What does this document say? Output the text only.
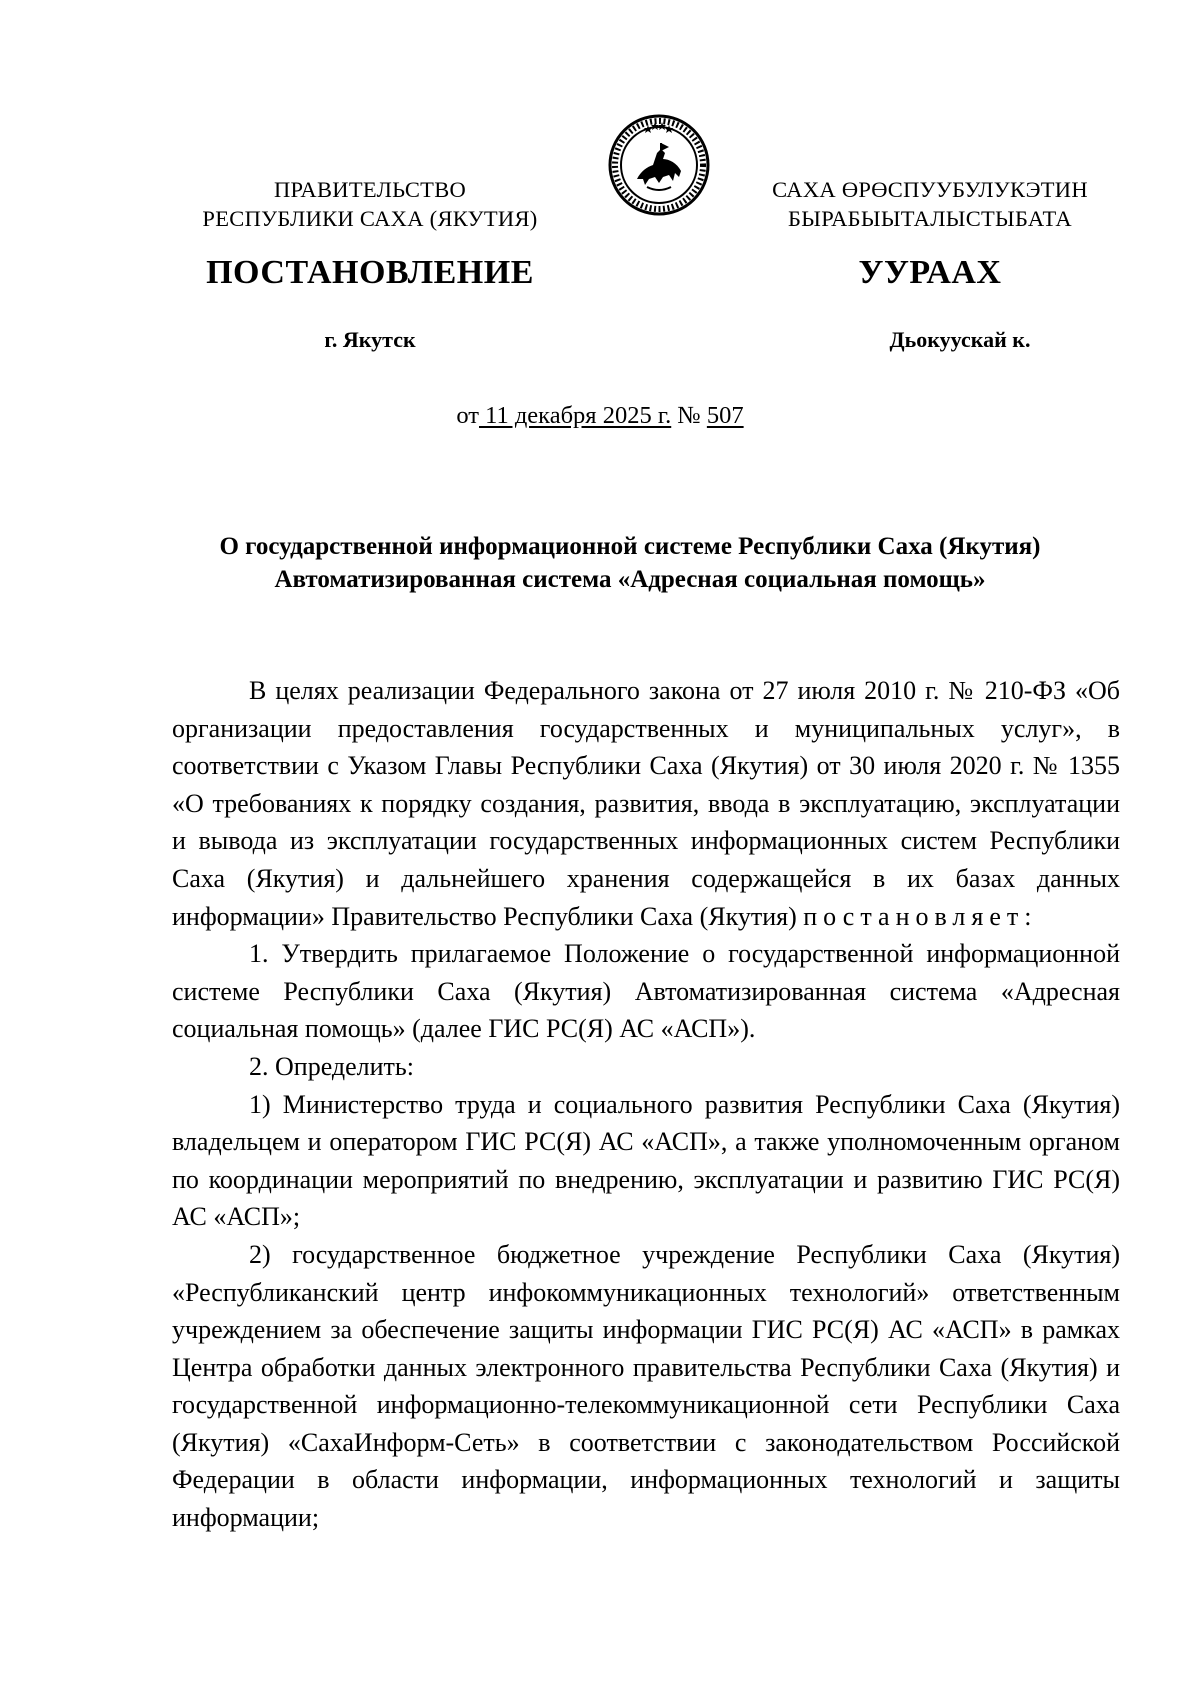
ПРАВИТЕЛЬСТВО
РЕСПУБЛИКИ САХА (ЯКУТИЯ)
САХА ӨРӨСПУУБУЛУКЭТИН
БЫРАБЫЫТАЛЫСТЫБАТА
ПОСТАНОВЛЕНИЕ	УУРААХ
г. Якутск	Дьокуускай к.
от 11 декабря 2025 г. № 507
О государственной информационной системе Республики Саха (Якутия)
Автоматизированная система «Адресная социальная помощь»

В целях реализации Федерального закона от 27 июля 2010 г. № 210-ФЗ «Об организации предоставления государственных и муниципальных услуг», в соответствии с Указом Главы Республики Саха (Якутия) от 30 июля 2020 г. № 1355 «О требованиях к порядку создания, развития, ввода в эксплуатацию, эксплуатации и вывода из эксплуатации государственных информационных систем Республики Саха (Якутия) и дальнейшего хранения содержащейся в их базах данных информации» Правительство Республики Саха (Якутия) постановляет:

1. Утвердить прилагаемое Положение о государственной информационной системе Республики Саха (Якутия) Автоматизированная система «Адресная социальная помощь» (далее ГИС РС(Я) АС «АСП»).

2. Определить:

1) Министерство труда и социального развития Республики Саха (Якутия) владельцем и оператором ГИС РС(Я) АС «АСП», а также уполномоченным органом по координации мероприятий по внедрению, эксплуатации и развитию ГИС РС(Я) АС «АСП»;

2) государственное бюджетное учреждение Республики Саха (Якутия) «Республиканский центр инфокоммуникационных технологий» ответственным учреждением за обеспечение защиты информации ГИС РС(Я) АС «АСП» в рамках Центра обработки данных электронного правительства Республики Саха (Якутия) и государственной информационно-телекоммуникационной сети Республики Саха (Якутия) «СахаИнформ-Сеть» в соответствии с законодательством Российской Федерации в области информации, информационных технологий и защиты информации;
